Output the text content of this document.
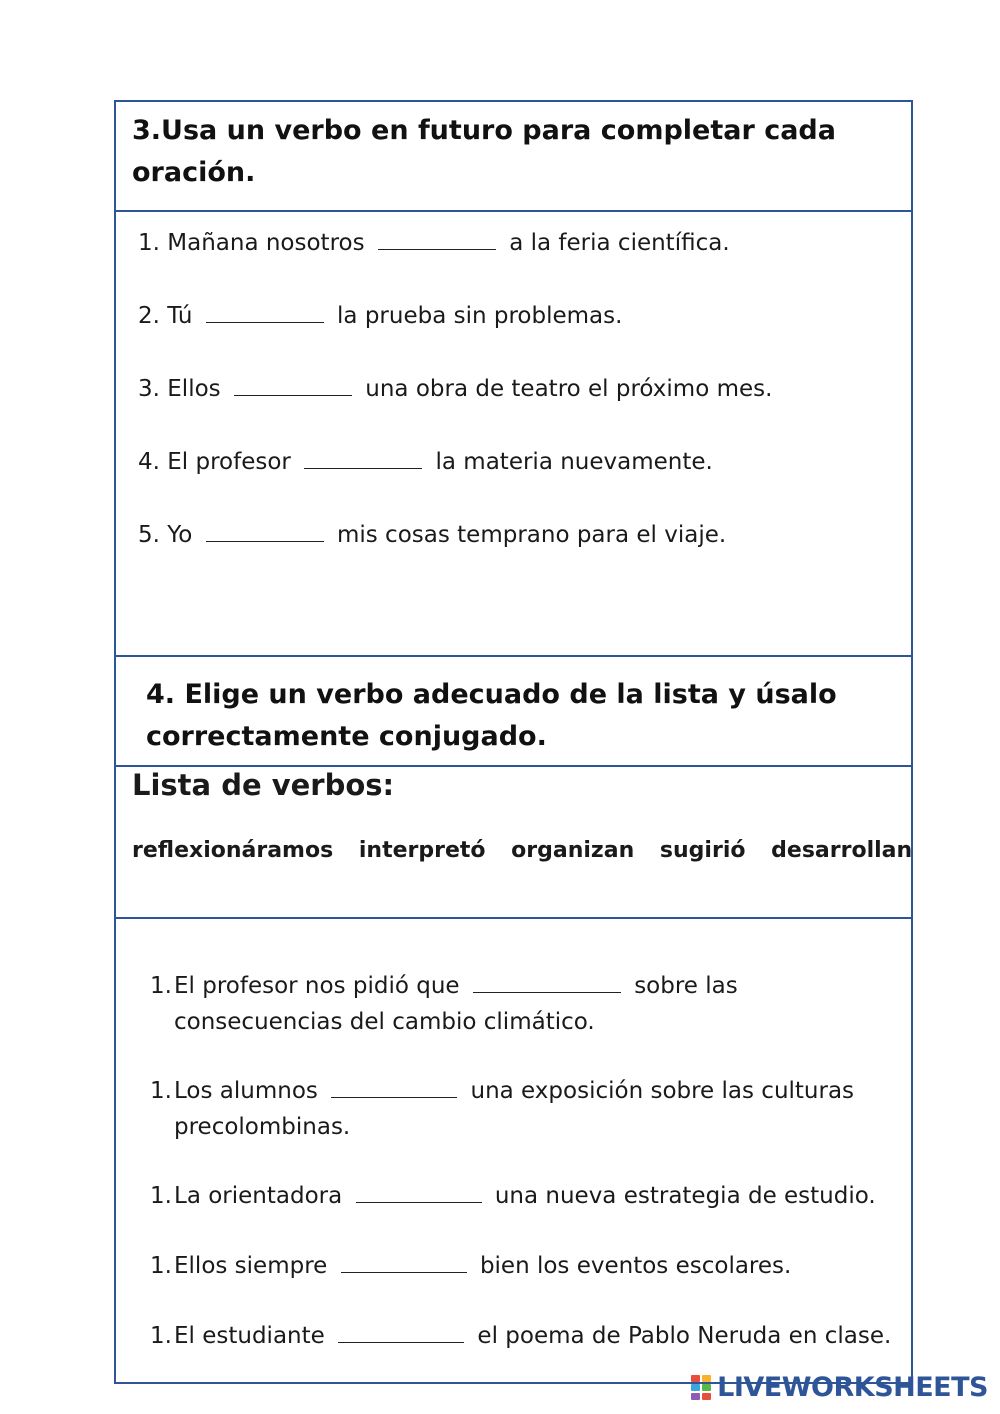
3.Usa un verbo en futuro para completar cada oración.
1. Mañana nosotros	a la feria científica.
2. Tú	la prueba sin problemas.
3. Ellos	una obra de teatro el próximo mes.
4. El profesor	la materia nuevamente.
5. Yo	mis cosas temprano para el viaje.
4. Elige un verbo adecuado de la lista y úsalo correctamente conjugado.
Lista de verbos:
reflexionáramos interpretó organizan sugirió desarrollan
1. El profesor nos pidió que	sobre las
consecuencias del cambio climático.
1. Los alumnos	una exposición sobre las culturas
precolombinas.
1. La orientadora	una nueva estrategia de estudio.
1. Ellos siempre	bien los eventos escolares.
1. El estudiante	el poema de Pablo Neruda en clase.
LIVEWORKSHEETS
